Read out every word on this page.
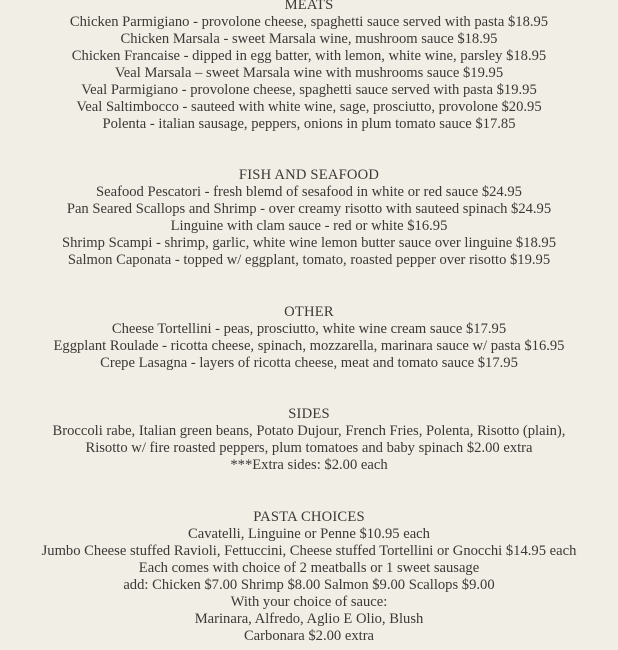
MEATS
Chicken Parmigiano - provolone cheese, spaghetti sauce served with pasta $18.95
Chicken Marsala - sweet Marsala wine, mushroom sauce $18.95
Chicken Francaise - dipped in egg batter, with lemon, white wine, parsley $18.95
Veal Marsala – sweet Marsala wine with mushrooms sauce $19.95
Veal Parmigiano - provolone cheese, spaghetti sauce served with pasta $19.95
Veal Saltimbocco - sauteed with white wine, sage, prosciutto, provolone $20.95
Polenta - italian sausage, peppers, onions in plum tomato sauce $17.85
FISH AND SEAFOOD
Seafood Pescatori - fresh blemd of sesafood in white or red sauce $24.95
Pan Seared Scallops and Shrimp - over creamy risotto with sauteed spinach $24.95
Linguine with clam sauce - red or white $16.95
Shrimp Scampi - shrimp, garlic, white wine lemon butter sauce over linguine $18.95
Salmon Caponata - topped w/ eggplant, tomato, roasted pepper over risotto $19.95
OTHER
Cheese Tortellini - peas, prosciutto, white wine cream sauce $17.95
Eggplant Roulade - ricotta cheese, spinach, mozzarella, marinara sauce w/ pasta $16.95
Crepe Lasagna - layers of ricotta cheese, meat and tomato sauce $17.95
SIDES
Broccoli rabe, Italian green beans, Potato Dujour, French Fries, Polenta, Risotto (plain),
Risotto w/ fire roasted peppers, plum tomatoes and baby spinach $2.00 extra
***Extra sides: $2.00 each
PASTA CHOICES
Cavatelli, Linguine or Penne $10.95 each
Jumbo Cheese stuffed Ravioli, Fettuccini, Cheese stuffed Tortellini or Gnocchi $14.95 each
Each comes with choice of 2 meatballs or 1 sweet sausage
add: Chicken $7.00 Shrimp $8.00 Salmon $9.00 Scallops $9.00
With your choice of sauce:
Marinara, Alfredo, Aglio E Olio, Blush
Carbonara $2.00 extra
